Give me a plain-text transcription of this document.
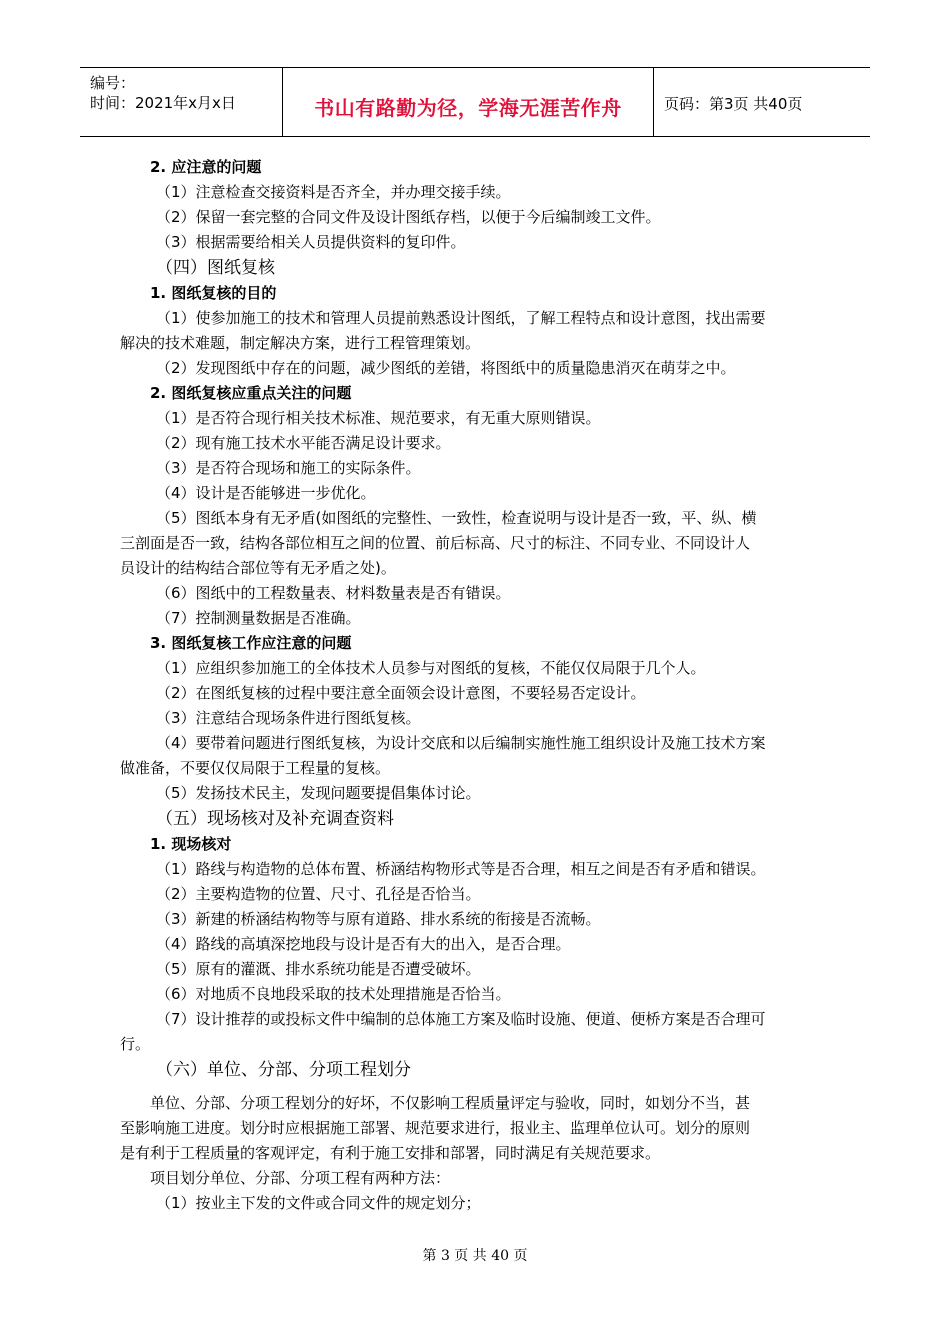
编号：
时间：2021年x月x日	书山有路勤为径，学海无涯苦作舟	页码：第3页 共40页
2. 应注意的问题
（1）注意检查交接资料是否齐全，并办理交接手续。
（2）保留一套完整的合同文件及设计图纸存档，以便于今后编制竣工文件。
（3）根据需要给相关人员提供资料的复印件。
（四）图纸复核
1. 图纸复核的目的
（1）使参加施工的技术和管理人员提前熟悉设计图纸，了解工程特点和设计意图，找出需要
解决的技术难题，制定解决方案，进行工程管理策划。
（2）发现图纸中存在的问题，减少图纸的差错，将图纸中的质量隐患消灭在萌芽之中。
2. 图纸复核应重点关注的问题
（1）是否符合现行相关技术标准、规范要求，有无重大原则错误。
（2）现有施工技术水平能否满足设计要求。
（3）是否符合现场和施工的实际条件。
（4）设计是否能够进一步优化。
（5）图纸本身有无矛盾(如图纸的完整性、一致性，检查说明与设计是否一致，平、纵、横
三剖面是否一致，结构各部位相互之间的位置、前后标高、尺寸的标注、不同专业、不同设计人
员设计的结构结合部位等有无矛盾之处)。
（6）图纸中的工程数量表、材料数量表是否有错误。
（7）控制测量数据是否准确。
3. 图纸复核工作应注意的问题
（1）应组织参加施工的全体技术人员参与对图纸的复核，不能仅仅局限于几个人。
（2）在图纸复核的过程中要注意全面领会设计意图，不要轻易否定设计。
（3）注意结合现场条件进行图纸复核。
（4）要带着问题进行图纸复核，为设计交底和以后编制实施性施工组织设计及施工技术方案
做准备，不要仅仅局限于工程量的复核。
（5）发扬技术民主，发现问题要提倡集体讨论。
（五）现场核对及补充调查资料
1. 现场核对
（1）路线与构造物的总体布置、桥涵结构物形式等是否合理，相互之间是否有矛盾和错误。
（2）主要构造物的位置、尺寸、孔径是否恰当。
（3）新建的桥涵结构物等与原有道路、排水系统的衔接是否流畅。
（4）路线的高填深挖地段与设计是否有大的出入，是否合理。
（5）原有的灌溉、排水系统功能是否遭受破坏。
（6）对地质不良地段采取的技术处理措施是否恰当。
（7）设计推荐的或投标文件中编制的总体施工方案及临时设施、便道、便桥方案是否合理可
行。
（六）单位、分部、分项工程划分
单位、分部、分项工程划分的好坏，不仅影响工程质量评定与验收，同时，如划分不当，甚
至影响施工进度。划分时应根据施工部署、规范要求进行，报业主、监理单位认可。划分的原则
是有利于工程质量的客观评定，有利于施工安排和部署，同时满足有关规范要求。
项目划分单位、分部、分项工程有两种方法：
（1）按业主下发的文件或合同文件的规定划分；
第 3 页 共 40 页
